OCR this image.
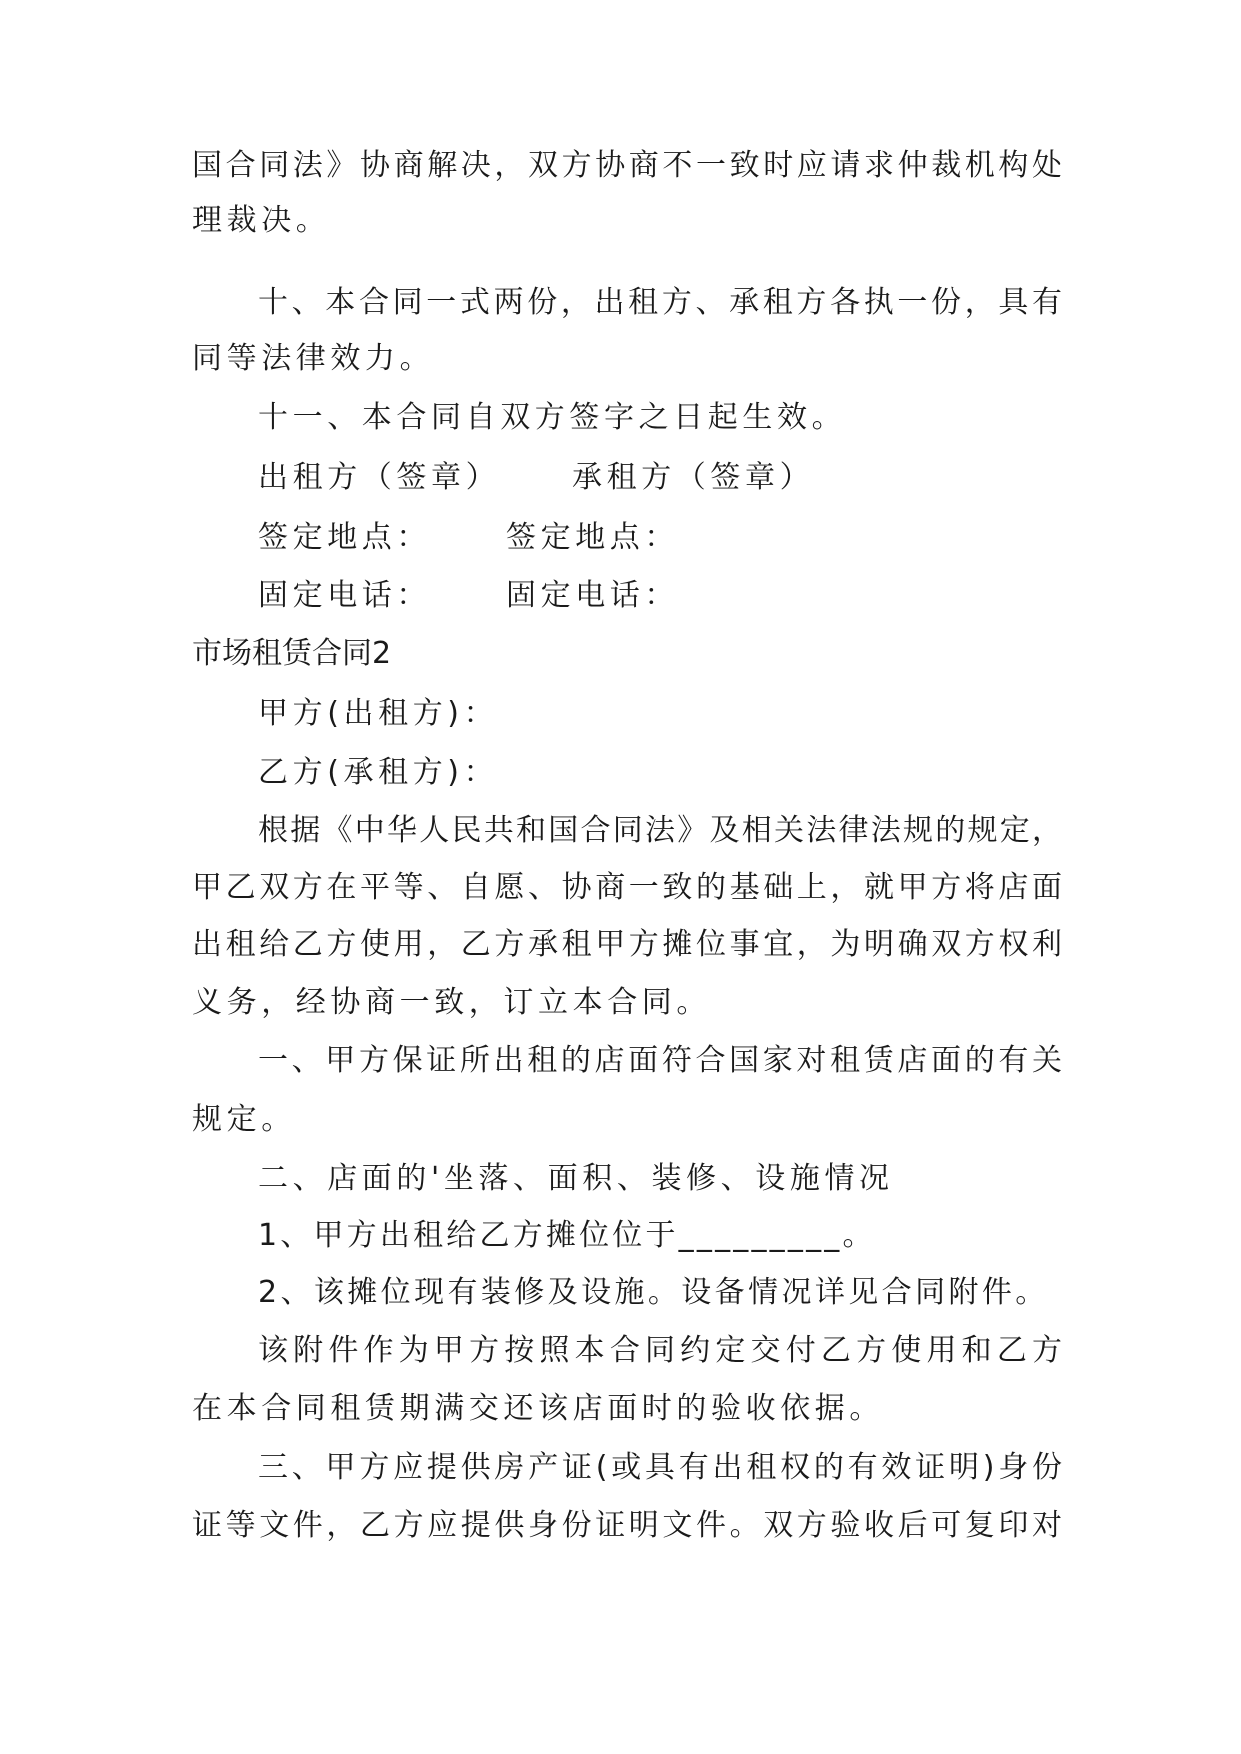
国合同法》协商解决，双方协商不一致时应请求仲裁机构处
理裁决。
十、本合同一式两份，出租方、承租方各执一份，具有
同等法律效力。
十一、本合同自双方签字之日起生效。
出租方（签章）	承租方（签章）
签定地点：	签定地点：
固定电话：	固定电话：
市场租赁合同2
甲方(出租方)：
乙方(承租方)：
根据《中华人民共和国合同法》及相关法律法规的规定，
甲乙双方在平等、自愿、协商一致的基础上，就甲方将店面
出租给乙方使用，乙方承租甲方摊位事宜，为明确双方权利
义务，经协商一致，订立本合同。
一、甲方保证所出租的店面符合国家对租赁店面的有关
规定。
二、店面的'坐落、面积、装修、设施情况
1、甲方出租给乙方摊位位于_________。
2、该摊位现有装修及设施。设备情况详见合同附件。
该附件作为甲方按照本合同约定交付乙方使用和乙方
在本合同租赁期满交还该店面时的验收依据。
三、甲方应提供房产证(或具有出租权的有效证明)身份
证等文件，乙方应提供身份证明文件。双方验收后可复印对
